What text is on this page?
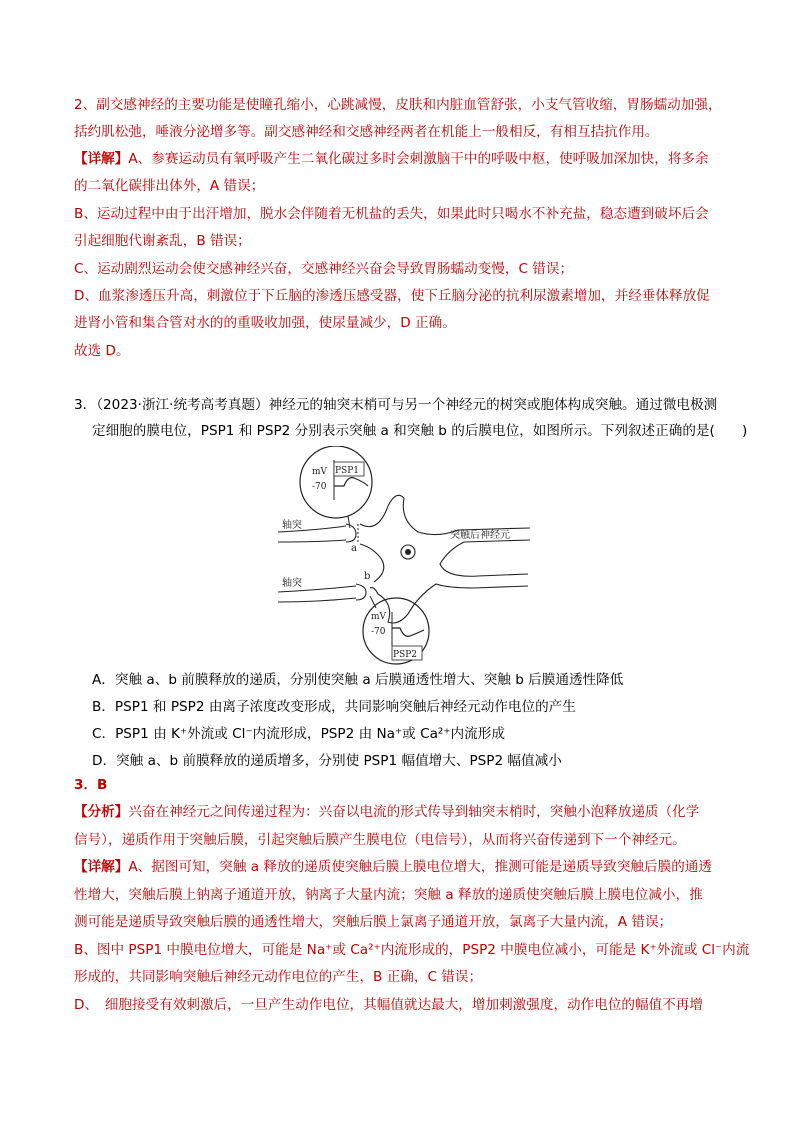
2、副交感神经的主要功能是使瞳孔缩小，心跳减慢，皮肤和内脏血管舒张，小支气管收缩，胃肠蠕动加强，
括约肌松弛，唾液分泌增多等。副交感神经和交感神经两者在机能上一般相反，有相互拮抗作用。
【详解】A、参赛运动员有氧呼吸产生二氧化碳过多时会刺激脑干中的呼吸中枢，使呼吸加深加快，将多余
的二氧化碳排出体外，A 错误；
B、运动过程中由于出汗增加，脱水会伴随着无机盐的丢失，如果此时只喝水不补充盐，稳态遭到破坏后会
引起细胞代谢紊乱，B 错误；
C、运动剧烈运动会使交感神经兴奋，交感神经兴奋会导致胃肠蠕动变慢，C 错误；
D、血浆渗透压升高，刺激位于下丘脑的渗透压感受器，使下丘脑分泌的抗利尿激素增加，并经垂体释放促
进肾小管和集合管对水的的重吸收加强，使尿量减少，D 正确。
故选 D。
3．（2023·浙江·统考高考真题）神经元的轴突末梢可与另一个神经元的树突或胞体构成突触。通过微电极测
定细胞的膜电位，PSP1 和 PSP2 分别表示突触 a 和突触 b 的后膜电位，如图所示。下列叙述正确的是(　　)
PSP1
mV
-70
PSP2
mV
-70
轴突
a
轴突
b
突触后神经元
A．突触 a、b 前膜释放的递质，分别使突触 a 后膜通透性增大、突触 b 后膜通透性降低
B．PSP1 和 PSP2 由离子浓度改变形成，共同影响突触后神经元动作电位的产生
C．PSP1 由 K⁺外流或 Cl⁻内流形成，PSP2 由 Na⁺或 Ca²⁺内流形成
D．突触 a、b 前膜释放的递质增多，分别使 PSP1 幅值增大、PSP2 幅值减小
3．B
【分析】兴奋在神经元之间传递过程为：兴奋以电流的形式传导到轴突末梢时，突触小泡释放递质（化学
信号），递质作用于突触后膜，引起突触后膜产生膜电位（电信号），从而将兴奋传递到下一个神经元。
【详解】A、据图可知，突触 a 释放的递质使突触后膜上膜电位增大，推测可能是递质导致突触后膜的通透
性增大，突触后膜上钠离子通道开放，钠离子大量内流；突触 a 释放的递质使突触后膜上膜电位减小，推
测可能是递质导致突触后膜的通透性增大，突触后膜上氯离子通道开放，氯离子大量内流，A 错误；
B、图中 PSP1 中膜电位增大，可能是 Na⁺或 Ca²⁺内流形成的，PSP2 中膜电位减小，可能是 K⁺外流或 Cl⁻内流
形成的，共同影响突触后神经元动作电位的产生，B 正确，C 错误；
D、　细胞接受有效刺激后，一旦产生动作电位，其幅值就达最大，增加刺激强度，动作电位的幅值不再增
